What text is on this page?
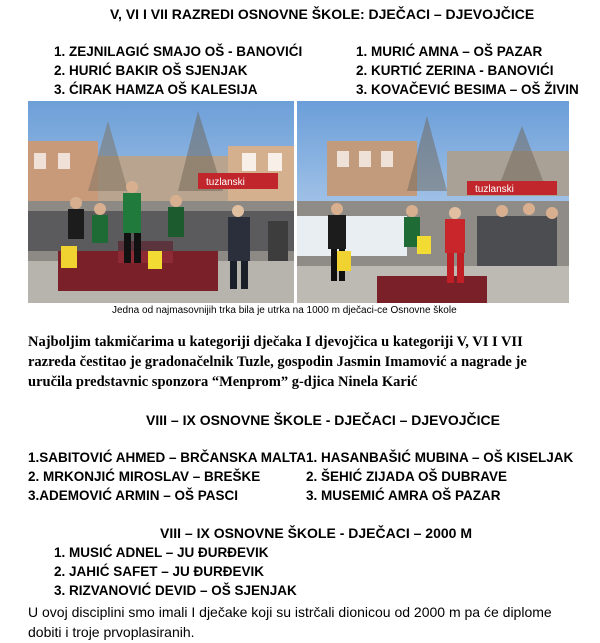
V, VI I VII RAZREDI OSNOVNE ŠKOLE: DJEČACI – DJEVOJČICE
1. ZEJNILAGIĆ SMAJO OŠ - BANOVIĆI
2. HURIĆ BAKIR OŠ SJENJAK
3. ĆIRAK HAMZA OŠ KALESIJA
1. MURIĆ AMNA – OŠ PAZAR
2. KURTIĆ ZERINA - BANOVIĆI
3. KOVAČEVIĆ BESIMA – OŠ ŽIVIN
tuzlanski
tuzlanski
Jedna od najmasovnijih trka bila je utrka na 1000 m dječaci-ce Osnovne škole
Najboljim takmičarima u kategoriji dječaka I djevojčica u kategoriji V, VI I VII razreda čestitao je gradonačelnik Tuzle, gospodin Jasmin Imamović a nagrade je uručila predstavnic sponzora “Menprom” g-djica Ninela Karić
VIII – IX OSNOVNE ŠKOLE - DJEČACI – DJEVOJČICE
1.SABITOVIĆ AHMED – BRČANSKA MALTA
2. MRKONJIĆ MIROSLAV – BREŠKE
3.ADEMOVIĆ ARMIN – OŠ PASCI
1. HASANBAŠIĆ MUBINA – OŠ KISELJAK
2. ŠEHIĆ ZIJADA OŠ DUBRAVE
3. MUSEMIĆ AMRA OŠ PAZAR
VIII – IX OSNOVNE ŠKOLE - DJEČACI – 2000 M
1. MUSIĆ ADNEL – JU ĐURĐEVIK
2. JAHIĆ SAFET – JU ĐURĐEVIK
3. RIZVANOVIĆ DEVID – OŠ SJENJAK
U ovoj disciplini smo imali I dječake koji su istrčali dionicou od 2000 m pa će diplome dobiti i troje prvoplasiranih.
